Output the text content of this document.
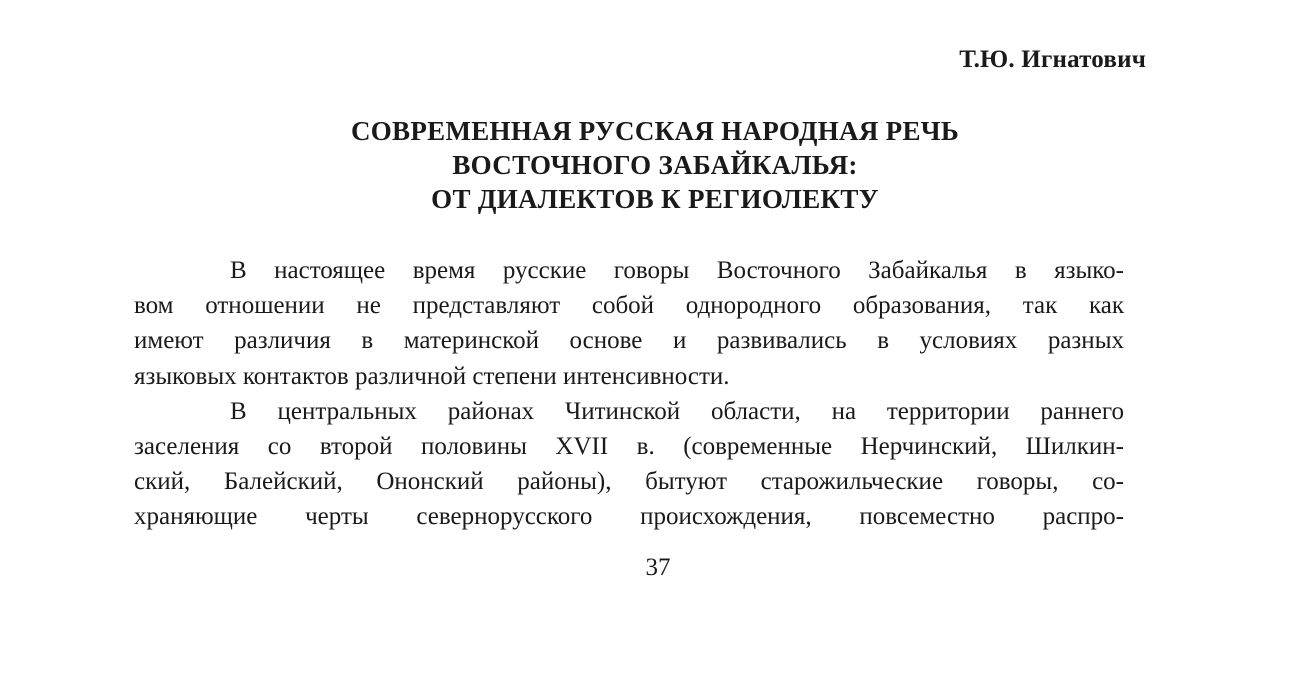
Т.Ю. Игнатович
СОВРЕМЕННАЯ РУССКАЯ НАРОДНАЯ РЕЧЬ
ВОСТОЧНОГО ЗАБАЙКАЛЬЯ:
ОТ ДИАЛЕКТОВ К РЕГИОЛЕКТУ
В настоящее время русские говоры Восточного Забайкалья в языко-
вом отношении не представляют собой однородного образования, так как
имеют различия в материнской основе и развивались в условиях разных
языковых контактов различной степени интенсивности.
В центральных районах Читинской области, на территории раннего
заселения со второй половины XVII в. (современные Нерчинский, Шилкин-
ский, Балейский, Ононский районы), бытуют старожильческие говоры, со-
храняющие черты севернорусского происхождения, повсеместно распро-
37
